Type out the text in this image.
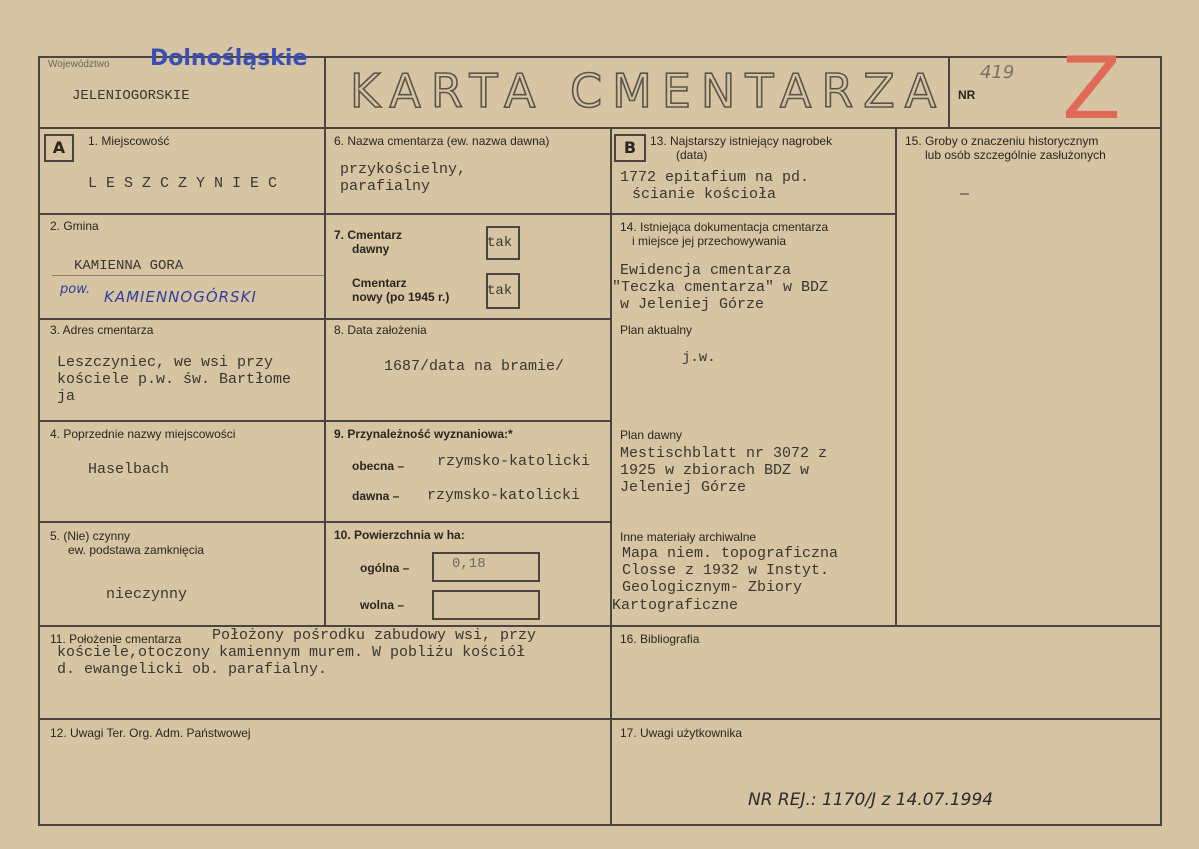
Województwo Dolnośląskie
JELENIOGORSKIE	KARTA CMENTARZA NR
419 Z
A	1. Miejscowość
L E S Z C Z Y N I E C
6. Nazwa cmentarza (ew. nazwa dawna)
przykościelny,
parafialny
B	13. Najstarszy istniejący nagrobek
(data)
1772 epitafium na pd.
ścianie kościoła
15. Groby o znaczeniu historycznym
lub osób szczególnie zasłużonych
—
2. Gmina
KAMIENNA GORA
pow. KAMIENNOGÓRSKI
7. Cmentarz
dawny	tak
Cmentarz
nowy (po 1945 r.)	tak
14. Istniejąca dokumentacja cmentarza
i miejsce jej przechowywania
Ewidencja cmentarza
"Teczka cmentarza" w BDZ
w Jeleniej Górze
Plan aktualny
j.w.
Plan dawny
Mestischblatt nr 3072 z
1925 w zbiorach BDZ w
Jeleniej Górze
Inne materiały archiwalne
Mapa niem. topograficzna
Closse z 1932 w Instyt.
Geologicznym- Zbiory
Kartograficzne
3. Adres cmentarza
Leszczyniec, we wsi przy
kościele p.w. św. Bartłome
ja
8. Data założenia
1687/data na bramie/
4. Poprzednie nazwy miejscowości
Haselbach
9. Przynależność wyznaniowa:*
obecna – rzymsko-katolicki
dawna – rzymsko-katolicki
5. (Nie) czynny
ew. podstawa zamknięcia
nieczynny
10. Powierzchnia w ha:
ogólna –	0,18
wolna –
11. Położenie cmentarza Położony pośrodku zabudowy wsi, przy
kościele,otoczony kamiennym murem. W pobliżu kościół
d. ewangelicki ob. parafialny.
16. Bibliografia
12. Uwagi Ter. Org. Adm. Państwowej	17. Uwagi użytkownika
NR REJ.: 1170/J z 14.07.1994
